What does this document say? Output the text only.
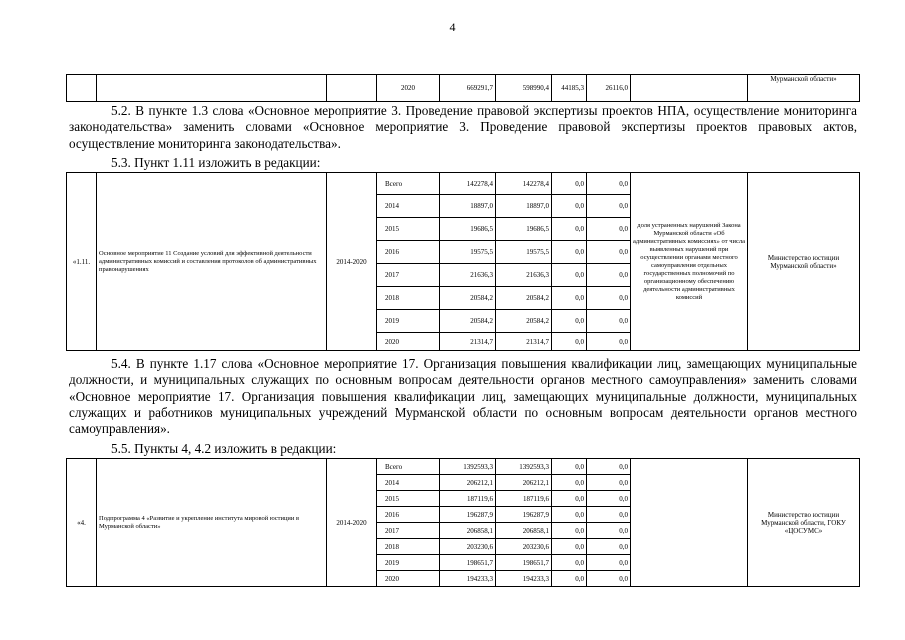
4
			2020	669291,7	598990,4	44185,3	26116,0		Мурманской области»

5.2. В пункте 1.3 слова «Основное мероприятие 3. Проведение правовой экспертизы проектов НПА, осуществление мониторинга законодательства» заменить словами «Основное мероприятие 3. Проведение правовой экспертизы проектов правовых актов, осуществление мониторинга законодательства».

5.3. Пункт 1.11 изложить в редакции:
«1.11.	Основное мероприятие 11 Создание условий для эффективной деятельности административных комиссий и составления протоколов об административных правонарушениях	2014-2020	Всего	142278,4	142278,4	0,0	0,0	доля устраненных нарушений Закона Мурманской области «Об административных комиссиях» от числа выявленных нарушений при осуществлении органами местного самоуправления отдельных государственных полномочий по организационному обеспечению деятельности административных комиссий	Министерство юстиции Мурманской области»
			2014	18897,0	18897,0	0,0	0,0		
			2015	19686,5	19686,5	0,0	0,0		
			2016	19575,5	19575,5	0,0	0,0		
			2017	21636,3	21636,3	0,0	0,0		
			2018	20584,2	20584,2	0,0	0,0		
			2019	20584,2	20584,2	0,0	0,0		
			2020	21314,7	21314,7	0,0	0,0		

5.4. В пункте 1.17 слова «Основное мероприятие 17. Организация повышения квалификации лиц, замещающих муниципальные должности, и муниципальных служащих по основным вопросам деятельности органов местного самоуправления» заменить словами «Основное мероприятие 17. Организация повышения квалификации лиц, замещающих муниципальные должности, муниципальных служащих и работников муниципальных учреждений Мурманской области по основным вопросам деятельности органов местного самоуправления».

5.5. Пункты 4, 4.2 изложить в редакции:
«4.	Подпрограмма 4 «Развитие и укрепление института мировой юстиции в Мурманской области»	2014-2020	Всего	1392593,3	1392593,3	0,0	0,0		Министерство юстиции Мурманской области, ГОКУ «ЦОСУМС»
			2014	206212,1	206212,1	0,0	0,0		
			2015	187119,6	187119,6	0,0	0,0		
			2016	196287,9	196287,9	0,0	0,0		
			2017	206858,1	206858,1	0,0	0,0		
			2018	203230,6	203230,6	0,0	0,0		
			2019	198651,7	198651,7	0,0	0,0		
			2020	194233,3	194233,3	0,0	0,0		
